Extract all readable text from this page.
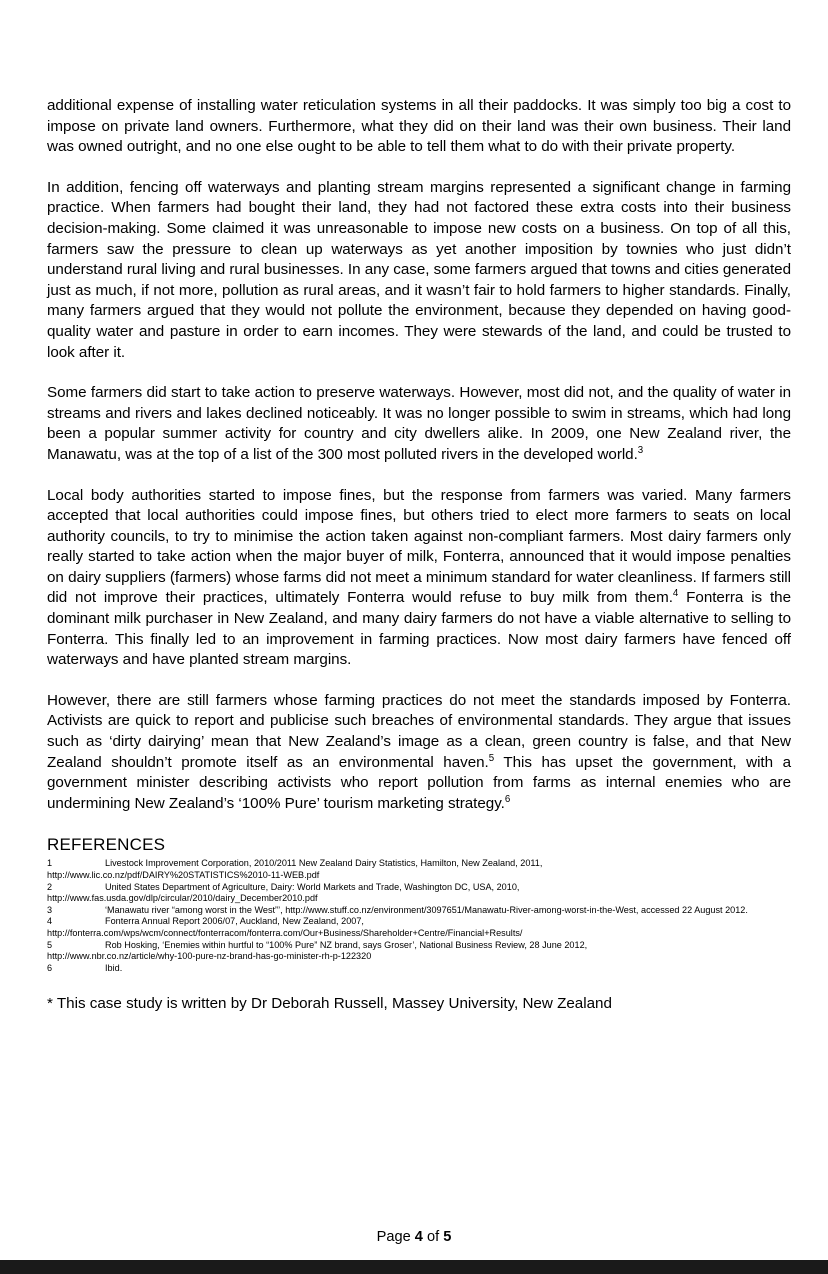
additional expense of installing water reticulation systems in all their paddocks. It was simply too big a cost to impose on private land owners. Furthermore, what they did on their land was their own business. Their land was owned outright, and no one else ought to be able to tell them what to do with their private property.

In addition, fencing off waterways and planting stream margins represented a significant change in farming practice. When farmers had bought their land, they had not factored these extra costs into their business decision-making. Some claimed it was unreasonable to impose new costs on a business. On top of all this, farmers saw the pressure to clean up waterways as yet another imposition by townies who just didn’t understand rural living and rural businesses. In any case, some farmers argued that towns and cities generated just as much, if not more, pollution as rural areas, and it wasn’t fair to hold farmers to higher standards. Finally, many farmers argued that they would not pollute the environment, because they depended on having good-quality water and pasture in order to earn incomes. They were stewards of the land, and could be trusted to look after it.

Some farmers did start to take action to preserve waterways. However, most did not, and the quality of water in streams and rivers and lakes declined noticeably. It was no longer possible to swim in streams, which had long been a popular summer activity for country and city dwellers alike. In 2009, one New Zealand river, the Manawatu, was at the top of a list of the 300 most polluted rivers in the developed world.$^3$

Local body authorities started to impose fines, but the response from farmers was varied. Many farmers accepted that local authorities could impose fines, but others tried to elect more farmers to seats on local authority councils, to try to minimise the action taken against non-compliant farmers. Most dairy farmers only really started to take action when the major buyer of milk, Fonterra, announced that it would impose penalties on dairy suppliers (farmers) whose farms did not meet a minimum standard for water cleanliness. If farmers still did not improve their practices, ultimately Fonterra would refuse to buy milk from them.$^4$ Fonterra is the dominant milk purchaser in New Zealand, and many dairy farmers do not have a viable alternative to selling to Fonterra. This finally led to an improvement in farming practices. Now most dairy farmers have fenced off waterways and have planted stream margins.

However, there are still farmers whose farming practices do not meet the standards imposed by Fonterra. Activists are quick to report and publicise such breaches of environmental standards. They argue that issues such as ‘dirty dairying’ mean that New Zealand’s image as a clean, green country is false, and that New Zealand shouldn’t promote itself as an environmental haven.$^5$ This has upset the government, with a government minister describing activists who report pollution from farms as internal enemies who are undermining New Zealand’s ‘100% Pure’ tourism marketing strategy.$^6$

REFERENCES

1	Livestock Improvement Corporation, 2010/2011 New Zealand Dairy Statistics, Hamilton, New Zealand, 2011,
http://www.lic.co.nz/pdf/DAIRY%20STATISTICS%2010-11-WEB.pdf

2	United States Department of Agriculture, Dairy: World Markets and Trade, Washington DC, USA, 2010,
http://www.fas.usda.gov/dlp/circular/2010/dairy_December2010.pdf

3	‘Manawatu river “among worst in the West”’, http://www.stuff.co.nz/environment/3097651/Manawatu-River-among-worst-in-the-West, accessed 22 August 2012.

4	Fonterra Annual Report 2006/07, Auckland, New Zealand, 2007,
http://fonterra.com/wps/wcm/connect/fonterracom/fonterra.com/Our+Business/Shareholder+Centre/Financial+Results/

5	Rob Hosking, ‘Enemies within hurtful to “100% Pure” NZ brand, says Groser’, National Business Review, 28 June 2012,
http://www.nbr.co.nz/article/why-100-pure-nz-brand-has-go-minister-rh-p-122320

6	Ibid.

* This case study is written by Dr Deborah Russell, Massey University, New Zealand

Page 4 of 5
